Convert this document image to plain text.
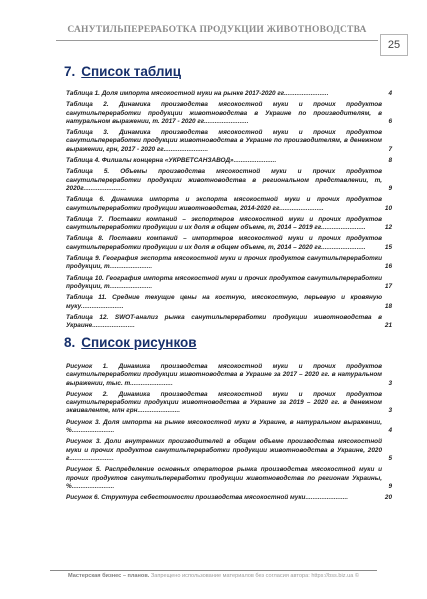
САНУТИЛЬПЕРЕРАБОТКА ПРОДУКЦИИ ЖИВОТНОВОДСТВА
25
7. Список таблиц
Таблица 1. Доля импорта мясокостной муки на рынке 2017-2020 гг.........................	4
Таблица 2. Динамика производства мясокостной муки и прочих продуктов санутильпереработки продукции животноводства в Украине по производителям, в натуральном выражении, т. 2017 - 2020 гг.........................	6
Таблица 3. Динамика производства мясокостной муки и прочих продуктов санутильпереработки продукции животноводства в Украине по производителям, в денежном выражении, грн, 2017 - 2020 гг.........................	7
Таблица 4. Филиалы концерна «УКРВЕТСАНЗАВОД»........................	8
Таблица 5. Объемы производства мясокостной муки и прочих продуктов санутильпереработки продукции животноводства в региональном представлении, т, 2020г........................	9
Таблица 6. Динамика импорта и экспорта мясокостной муки и прочих продуктов санутильпереработки продукции животноводства, 2014-2020 гг.........................	10
Таблица 7. Поставки компаний – экспортеров мясокостной муки и прочих продуктов санутильпереработки продукции и их доля в общем объеме, т, 2014 – 2019 гг.........................	12
Таблица 8. Поставки компаний – импортеров мясокостной муки и прочих продуктов санутильпереработки продукции и их доля в общем объеме, т, 2014 – 2020 гг.........................	15
Таблица 9. География экспорта мясокостной муки и прочих продуктов санутильпереработки продукции, т........................	16
Таблица 10. География импорта мясокостной муки и прочих продуктов санутильпереработки продукции, т........................	17
Таблица 11. Средние текущие цены на костную, мясокостную, перьевую и кровяную муку........................	18
Таблица 12. SWOT-анализ рынка санутильпереработки продукции животноводства в Украине........................	21
8. Список рисунков
Рисунок 1. Динамика производства мясокостной муки и прочих продуктов санутильпереработки продукции животноводства в Украине за 2017 – 2020 гг. в натуральном выражении, тыс. т........................	3
Рисунок 2. Динамика производства мясокостной муки и прочих продуктов санутильпереработки продукции животноводства в Украине за 2019 – 2020 гг. в денежном эквиваленте, млн грн........................	3
Рисунок 3. Доля импорта на рынке мясокостной муки в Украине, в натуральном выражении, %........................	4
Рисунок 3. Доли внутренних производителей в общем объеме производства мясокостной муки и прочих продуктов санутильпереработки продукции животноводства в Украине, 2020 г.........................	5
Рисунок 5. Распределение основных операторов рынка производства мясокостной муки и прочих продуктов санутильпереработки продукции животноводства по регионам Украины, %........................	9
Рисунок 6. Структура себестоимости производства мясокостной муки........................	20
Мастерская бизнес – планов. Запрещено использование материалов без согласия автора: https://bss.biz.ua ©
